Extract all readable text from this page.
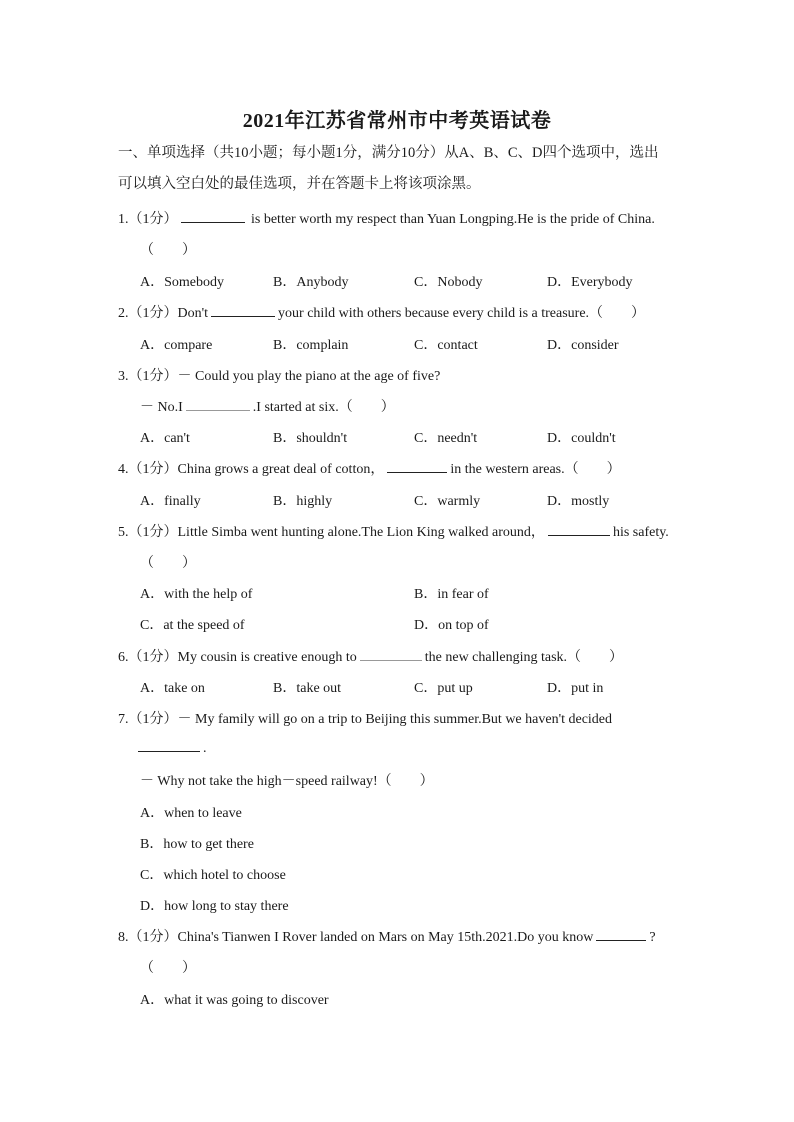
2021年江苏省常州市中考英语试卷
一、单项选择（共10小题；每小题1分，满分10分）从A、B、C、D四个选项中，选出
可以填入空白处的最佳选项，并在答题卡上将该项涂黑。
1.（1分）	is better worth my respect than Yuan Longping.He is the pride of China.
（　　）
A．Somebody	B．Anybody	C．Nobody	D．Everybody
2.（1分）Don't	your child with others because every child is a treasure.（　　）
A．compare	B．complain	C．contact	D．consider
3.（1分）－ Could you play the piano at the age of five?
－ No.I	.I started at six.（　　）
A．can't	B．shouldn't	C．needn't	D．couldn't
4.（1分）China grows a great deal of cotton，	in the western areas.（　　）
A．finally	B．highly	C．warmly	D．mostly
5.（1分）Little Simba went hunting alone.The Lion King walked around，	his safety.
（　　）
A．with the help of	B．in fear of
C．at the speed of	D．on top of
6.（1分）My cousin is creative enough to	the new challenging task.（　　）
A．take on	B．take out	C．put up	D．put in
7.（1分）－ My family will go on a trip to Beijing this summer.But we haven't decided
.
－ Why not take the high－speed railway!（　　）
A．when to leave
B．how to get there
C．which hotel to choose
D．how long to stay there
8.（1分）China's Tianwen I Rover landed on Mars on May 15th.2021.Do you know	?
（　　）
A．what it was going to discover
